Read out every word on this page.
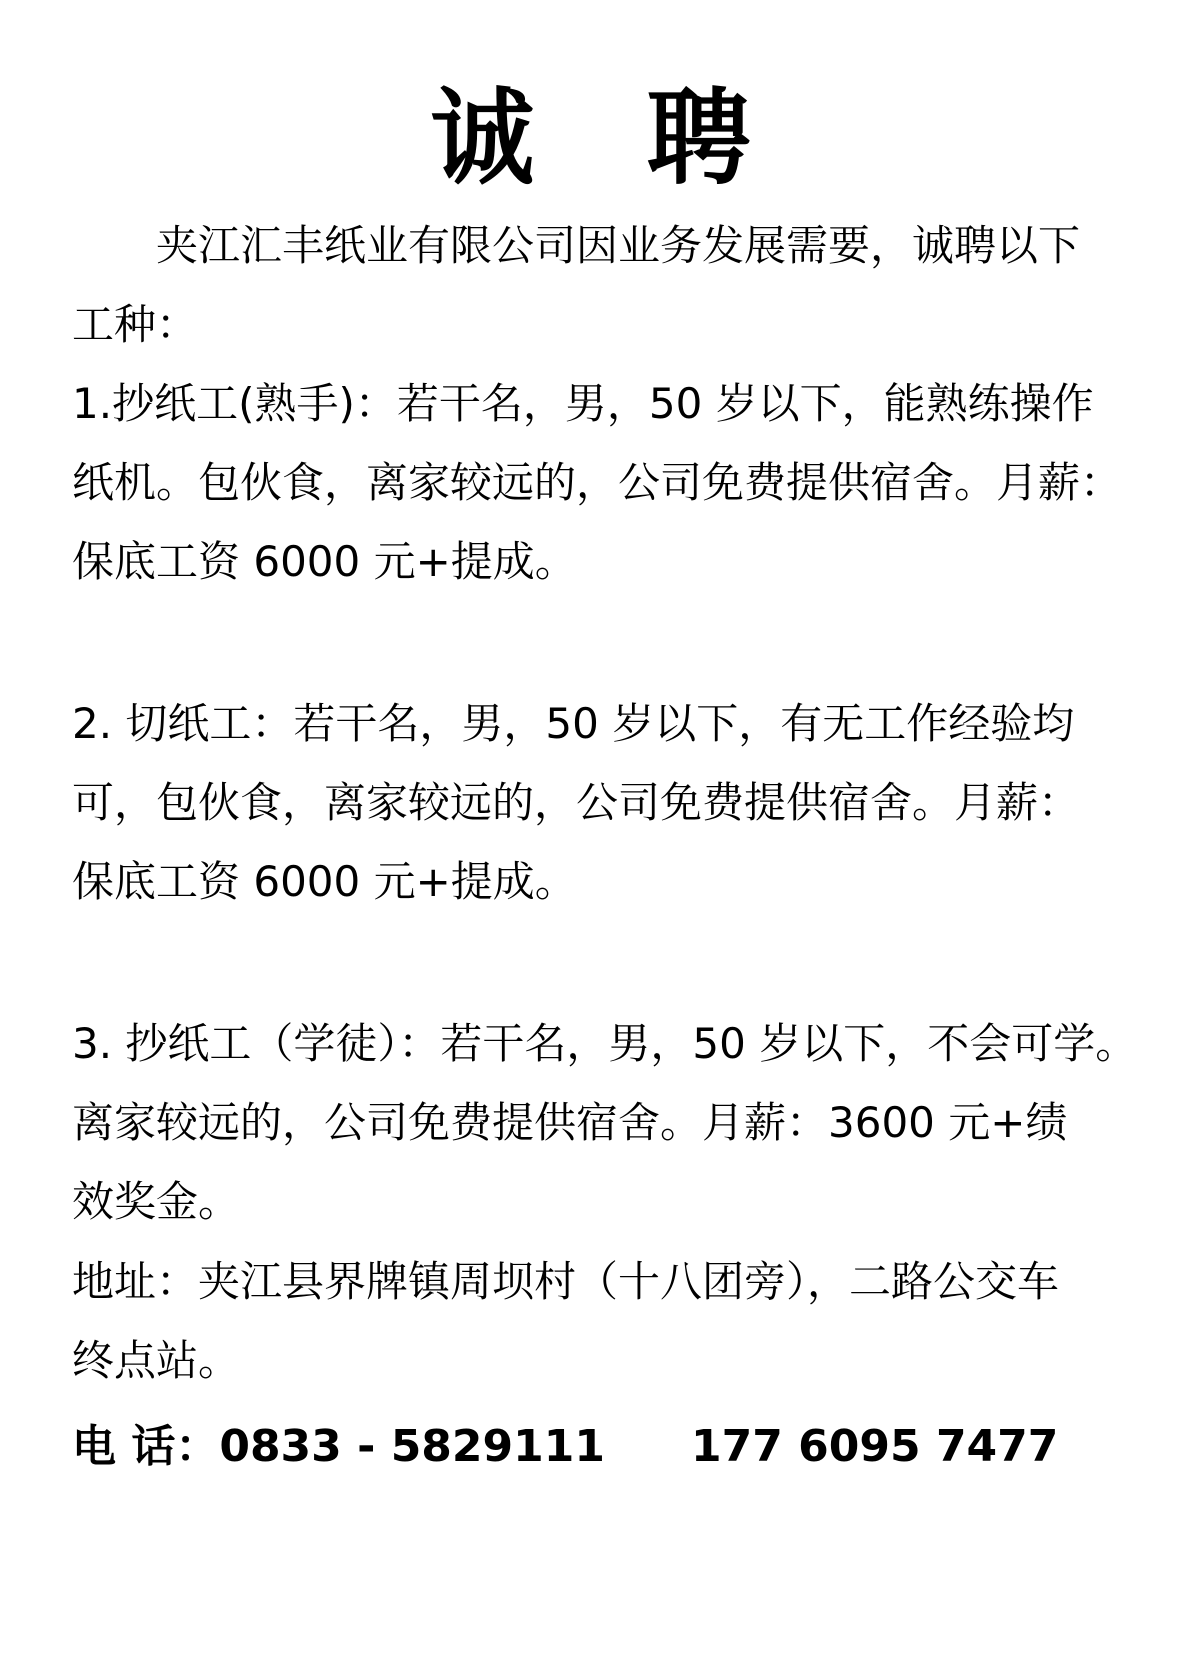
诚　聘
夹江汇丰纸业有限公司因业务发展需要，诚聘以下
工种：
1.抄纸工(熟手)：若干名，男，50 岁以下，能熟练操作
纸机。包伙食，离家较远的，公司免费提供宿舍。月薪：
保底工资 6000 元+提成。
2. 切纸工：若干名，男，50 岁以下，有无工作经验均
可，包伙食，离家较远的，公司免费提供宿舍。月薪：
保底工资 6000 元+提成。
3. 抄纸工（学徒）：若干名，男，50 岁以下，不会可学。
离家较远的，公司免费提供宿舍。月薪：3600 元+绩
效奖金。
地址：夹江县界牌镇周坝村（十八团旁），二路公交车
终点站。
电 话：0833 - 5829111 177 6095 7477
